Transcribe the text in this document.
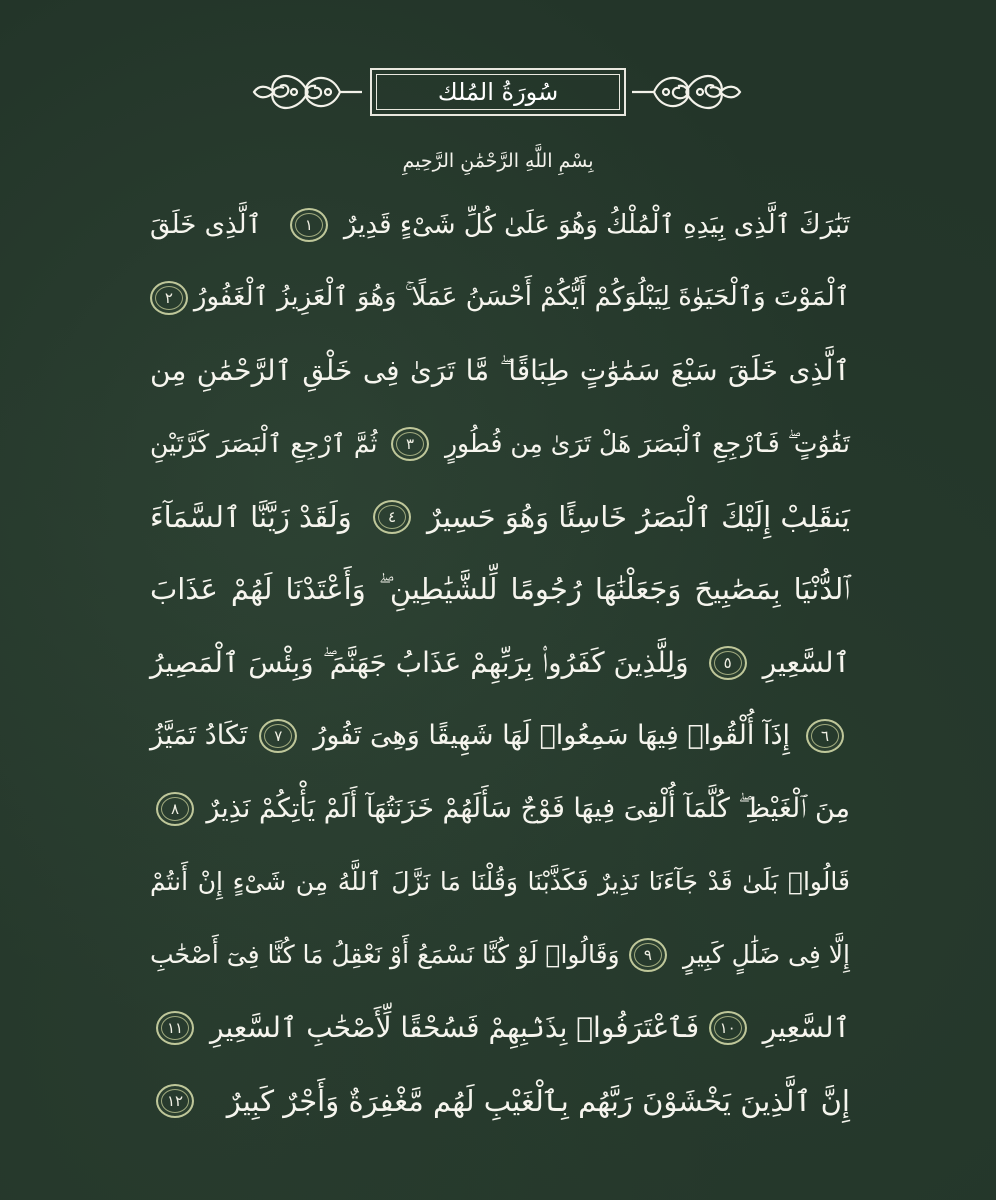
سُورَةُ المُلك
بِسْمِ اللَّهِ الرَّحْمَٰنِ الرَّحِيمِ
تَبَٰرَكَ ٱلَّذِى بِيَدِهِ ٱلْمُلْكُ وَهُوَ عَلَىٰ كُلِّ شَىْءٍ قَدِيرٌ
١
ٱلَّذِى خَلَقَ
ٱلْمَوْتَ وَٱلْحَيَوٰةَ لِيَبْلُوَكُمْ أَيُّكُمْ أَحْسَنُ عَمَلًا ۚ وَهُوَ ٱلْعَزِيزُ ٱلْغَفُورُ
٢
ٱلَّذِى خَلَقَ سَبْعَ سَمَٰوَٰتٍ طِبَاقًا ۖ مَّا تَرَىٰ فِى خَلْقِ ٱلرَّحْمَٰنِ مِن
تَفَٰوُتٍ ۖ فَٱرْجِعِ ٱلْبَصَرَ هَلْ تَرَىٰ مِن فُطُورٍ
٣
ثُمَّ ٱرْجِعِ ٱلْبَصَرَ كَرَّتَيْنِ
يَنقَلِبْ إِلَيْكَ ٱلْبَصَرُ خَاسِئًا وَهُوَ حَسِيرٌ
٤
وَلَقَدْ زَيَّنَّا ٱلسَّمَآءَ
ٱلدُّنْيَا بِمَصَٰبِيحَ وَجَعَلْنَٰهَا رُجُومًا لِّلشَّيَٰطِينِ ۖ وَأَعْتَدْنَا لَهُمْ عَذَابَ
ٱلسَّعِيرِ
٥
وَلِلَّذِينَ كَفَرُوا۟ بِرَبِّهِمْ عَذَابُ جَهَنَّمَ ۖ وَبِئْسَ ٱلْمَصِيرُ
٦
إِذَآ أُلْقُوا۟ فِيهَا سَمِعُوا۟ لَهَا شَهِيقًا وَهِىَ تَفُورُ
٧
تَكَادُ تَمَيَّزُ
مِنَ ٱلْغَيْظِ ۖ كُلَّمَآ أُلْقِىَ فِيهَا فَوْجٌ سَأَلَهُمْ خَزَنَتُهَآ أَلَمْ يَأْتِكُمْ نَذِيرٌ
٨
قَالُوا۟ بَلَىٰ قَدْ جَآءَنَا نَذِيرٌ فَكَذَّبْنَا وَقُلْنَا مَا نَزَّلَ ٱللَّهُ مِن شَىْءٍ إِنْ أَنتُمْ
إِلَّا فِى ضَلَٰلٍ كَبِيرٍ
٩
وَقَالُوا۟ لَوْ كُنَّا نَسْمَعُ أَوْ نَعْقِلُ مَا كُنَّا فِىٓ أَصْحَٰبِ
ٱلسَّعِيرِ
١٠
فَٱعْتَرَفُوا۟ بِذَنۢبِهِمْ فَسُحْقًا لِّأَصْحَٰبِ ٱلسَّعِيرِ
١١
إِنَّ ٱلَّذِينَ يَخْشَوْنَ رَبَّهُم بِٱلْغَيْبِ لَهُم مَّغْفِرَةٌ وَأَجْرٌ كَبِيرٌ
١٢
